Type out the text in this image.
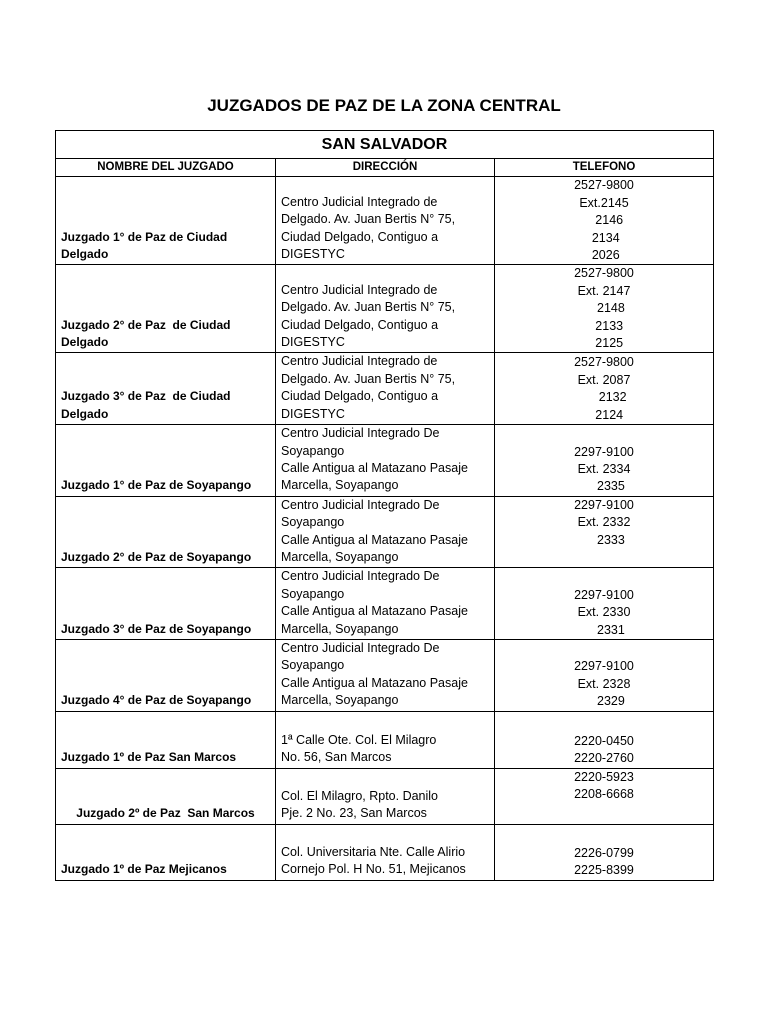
JUZGADOS DE PAZ DE LA ZONA CENTRAL
SAN SALVADOR		
NOMBRE DEL JUZGADO	DIRECCIÓN	TELEFONO

Juzgado 1° de Paz de Ciudad
Delgado	Centro Judicial Integrado de
Delgado. Av. Juan Bertis N° 75,
Ciudad Delgado, Contiguo a
DIGESTYC	2527-9800
Ext.2145
2146
2134
2026

Juzgado 2° de Paz  de Ciudad
Delgado	Centro Judicial Integrado de
Delgado. Av. Juan Bertis N° 75,
Ciudad Delgado, Contiguo a
DIGESTYC	2527-9800
Ext. 2147
2148
2133
2125

Juzgado 3° de Paz  de Ciudad
Delgado	Centro Judicial Integrado de
Delgado. Av. Juan Bertis N° 75,
Ciudad Delgado, Contiguo a
DIGESTYC	2527-9800
Ext. 2087
2132
2124

Juzgado 1° de Paz de Soyapango	Centro Judicial Integrado De
Soyapango
Calle Antigua al Matazano Pasaje
Marcella, Soyapango	2297-9100
Ext. 2334
2335

Juzgado 2° de Paz de Soyapango	Centro Judicial Integrado De
Soyapango
Calle Antigua al Matazano Pasaje
Marcella, Soyapango	2297-9100
Ext. 2332
2333

Juzgado 3° de Paz de Soyapango	Centro Judicial Integrado De
Soyapango
Calle Antigua al Matazano Pasaje
Marcella, Soyapango	2297-9100
Ext. 2330
2331

Juzgado 4° de Paz de Soyapango	Centro Judicial Integrado De
Soyapango
Calle Antigua al Matazano Pasaje
Marcella, Soyapango	2297-9100
Ext. 2328
2329

Juzgado 1º de Paz San Marcos	1ª Calle Ote. Col. El Milagro
No. 56, San Marcos	2220-0450
2220-2760

Juzgado 2º de Paz  San Marcos	Col. El Milagro, Rpto. Danilo
Pje. 2 No. 23, San Marcos	2220-5923
2208-6668

Juzgado 1º de Paz Mejicanos	Col. Universitaria Nte. Calle Alirio
Cornejo Pol. H No. 51, Mejicanos	2226-0799
2225-8399
